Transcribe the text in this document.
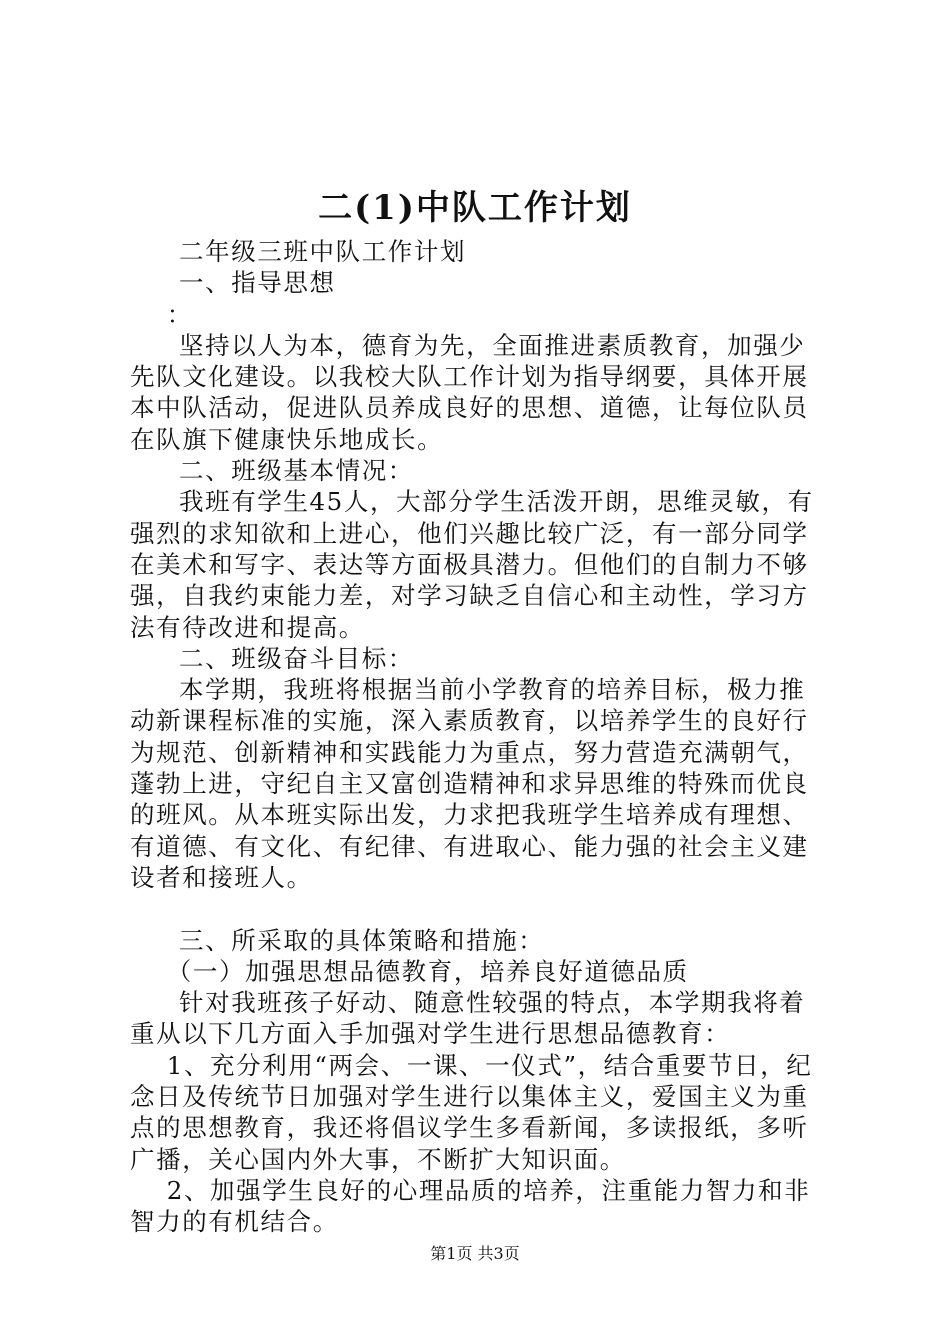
二(1)中队工作计划

二年级三班中队工作计划

一、指导思想

：

坚持以人为本，德育为先，全面推进素质教育，加强少先队文化建设。以我校大队工作计划为指导纲要，具体开展本中队活动，促进队员养成良好的思想、道德，让每位队员在队旗下健康快乐地成长。

二、班级基本情况：

我班有学生45人，大部分学生活泼开朗，思维灵敏，有强烈的求知欲和上进心，他们兴趣比较广泛，有一部分同学在美术和写字、表达等方面极具潜力。但他们的自制力不够强，自我约束能力差，对学习缺乏自信心和主动性，学习方法有待改进和提高。

二、班级奋斗目标：

本学期，我班将根据当前小学教育的培养目标，极力推动新课程标准的实施，深入素质教育，以培养学生的良好行为规范、创新精神和实践能力为重点，努力营造充满朝气，蓬勃上进，守纪自主又富创造精神和求异思维的特殊而优良的班风。从本班实际出发，力求把我班学生培养成有理想、有道德、有文化、有纪律、有进取心、能力强的社会主义建设者和接班人。

三、所采取的具体策略和措施：

（一）加强思想品德教育，培养良好道德品质

针对我班孩子好动、随意性较强的特点，本学期我将着重从以下几方面入手加强对学生进行思想品德教育：

1、充分利用“两会、一课、一仪式”，结合重要节日，纪念日及传统节日加强对学生进行以集体主义，爱国主义为重点的思想教育，我还将倡议学生多看新闻，多读报纸，多听广播，关心国内外大事，不断扩大知识面。

2、加强学生良好的心理品质的培养，注重能力智力和非智力的有机结合。

第1页 共3页
